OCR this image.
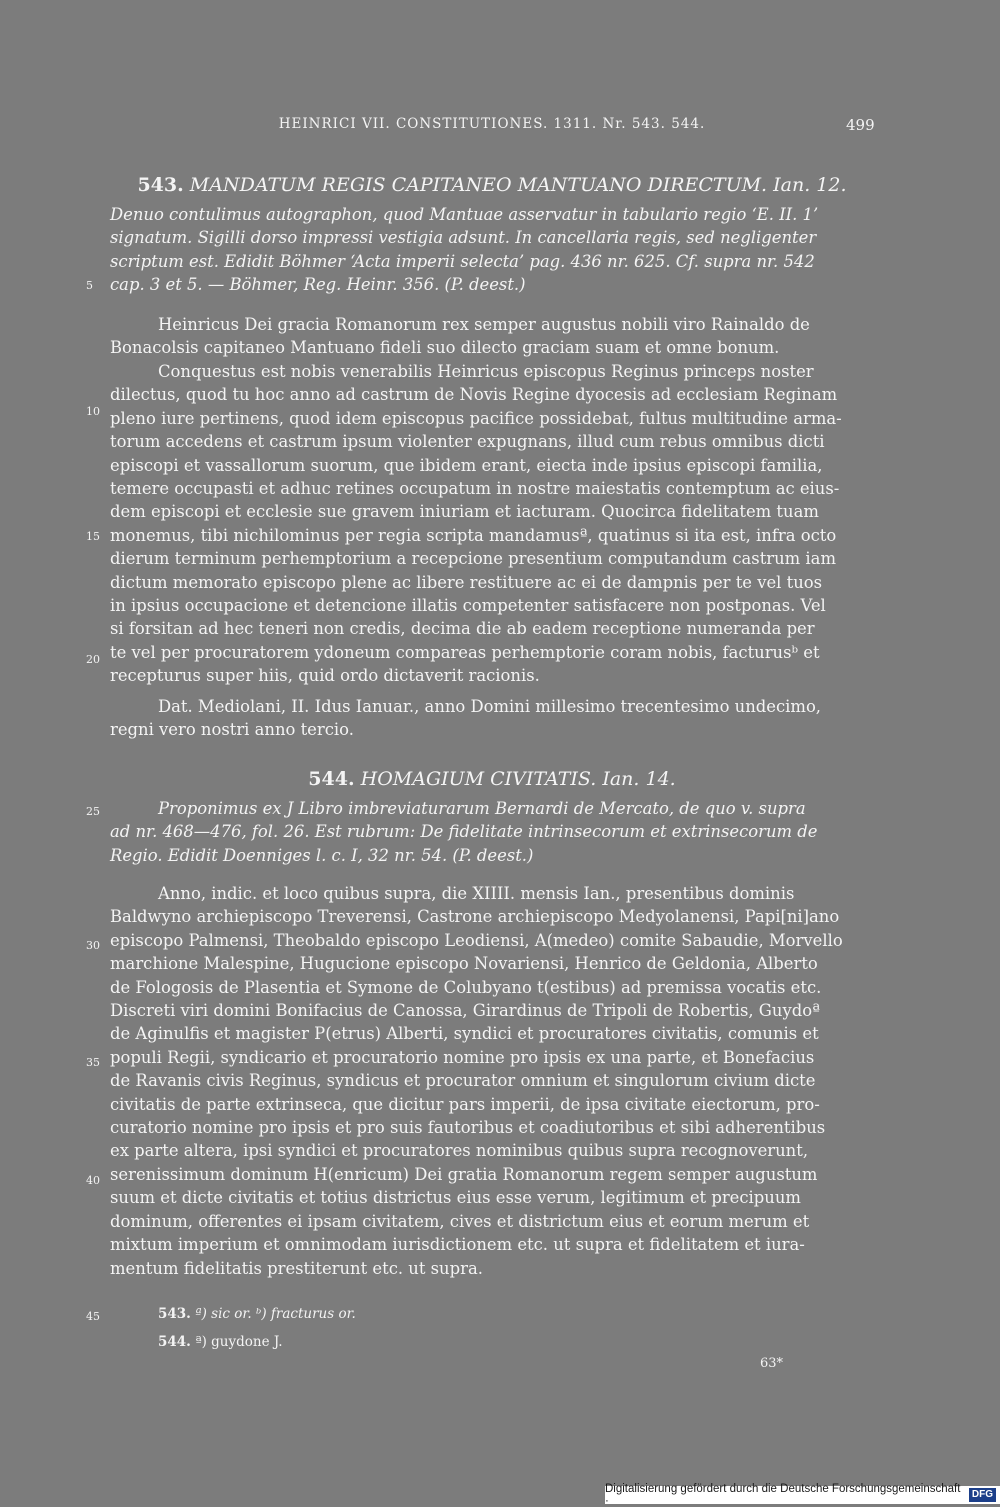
HEINRICI VII. CONSTITUTIONES. 1311. Nr. 543. 544.	499
543. MANDATUM REGIS CAPITANEO MANTUANO DIRECTUM. Ian. 12.
Denuo contulimus autographon, quod Mantuae asservatur in tabulario regio ‘E. II. 1’
signatum. Sigilli dorso impressi vestigia adsunt. In cancellaria regis, sed negligenter
scriptum est. Edidit Böhmer ‘Acta imperii selecta’ pag. 436 nr. 625. Cf. supra nr. 542
cap. 3 et 5. — Böhmer, Reg. Heinr. 356. (P. deest.)
Heinricus Dei gracia Romanorum rex semper augustus nobili viro Rainaldo de
Bonacolsis capitaneo Mantuano fideli suo dilecto graciam suam et omne bonum.
Conquestus est nobis venerabilis Heinricus episcopus Reginus princeps noster
dilectus, quod tu hoc anno ad castrum de Novis Regine dyocesis ad ecclesiam Reginam
pleno iure pertinens, quod idem episcopus pacifice possidebat, fultus multitudine arma-
torum accedens et castrum ipsum violenter expugnans, illud cum rebus omnibus dicti
episcopi et vassallorum suorum, que ibidem erant, eiecta inde ipsius episcopi familia,
temere occupasti et adhuc retines occupatum in nostre maiestatis contemptum ac eius-
dem episcopi et ecclesie sue gravem iniuriam et iacturam. Quocirca fidelitatem tuam
monemus, tibi nichilominus per regia scripta mandamusª, quatinus si ita est, infra octo
dierum terminum perhemptorium a recepcione presentium computandum castrum iam
dictum memorato episcopo plene ac libere restituere ac ei de dampnis per te vel tuos
in ipsius occupacione et detencione illatis competenter satisfacere non postponas. Vel
si forsitan ad hec teneri non credis, decima die ab eadem receptione numeranda per
te vel per procuratorem ydoneum compareas perhemptorie coram nobis, facturusᵇ et
recepturus super hiis, quid ordo dictaverit racionis.
Dat. Mediolani, II. Idus Ianuar., anno Domini millesimo trecentesimo undecimo,
regni vero nostri anno tercio.
544. HOMAGIUM CIVITATIS. Ian. 14.
Proponimus ex J Libro imbreviaturarum Bernardi de Mercato, de quo v. supra
ad nr. 468—476, fol. 26. Est rubrum: De fidelitate intrinsecorum et extrinsecorum de
Regio. Edidit Doenniges l. c. I, 32 nr. 54. (P. deest.)
Anno, indic. et loco quibus supra, die XIIII. mensis Ian., presentibus dominis
Baldwyno archiepiscopo Treverensi, Castrone archiepiscopo Medyolanensi, Papi[ni]ano
episcopo Palmensi, Theobaldo episcopo Leodiensi, A(medeo) comite Sabaudie, Morvello
marchione Malespine, Hugucione episcopo Novariensi, Henrico de Geldonia, Alberto
de Fologosis de Plasentia et Symone de Colubyano t(estibus) ad premissa vocatis etc.
Discreti viri domini Bonifacius de Canossa, Girardinus de Tripoli de Robertis, Guydoª
de Aginulfis et magister P(etrus) Alberti, syndici et procuratores civitatis, comunis et
populi Regii, syndicario et procuratorio nomine pro ipsis ex una parte, et Bonefacius
de Ravanis civis Reginus, syndicus et procurator omnium et singulorum civium dicte
civitatis de parte extrinseca, que dicitur pars imperii, de ipsa civitate eiectorum, pro-
curatorio nomine pro ipsis et pro suis fautoribus et coadiutoribus et sibi adherentibus
ex parte altera, ipsi syndici et procuratores nominibus quibus supra recognoverunt,
serenissimum dominum H(enricum) Dei gratia Romanorum regem semper augustum
suum et dicte civitatis et totius districtus eius esse verum, legitimum et precipuum
dominum, offerentes ei ipsam civitatem, cives et districtum eius et eorum merum et
mixtum imperium et omnimodam iurisdictionem etc. ut supra et fidelitatem et iura-
mentum fidelitatis prestiterunt etc. ut supra.
5
10
15
20
25
30
35
40
45	543. ª) sic or. ᵇ) fracturus or.
544. ª) guydone J.
63*
Digitalisierung gefördert durch die Deutsche Forschungsgemeinschaft ·
DFG
